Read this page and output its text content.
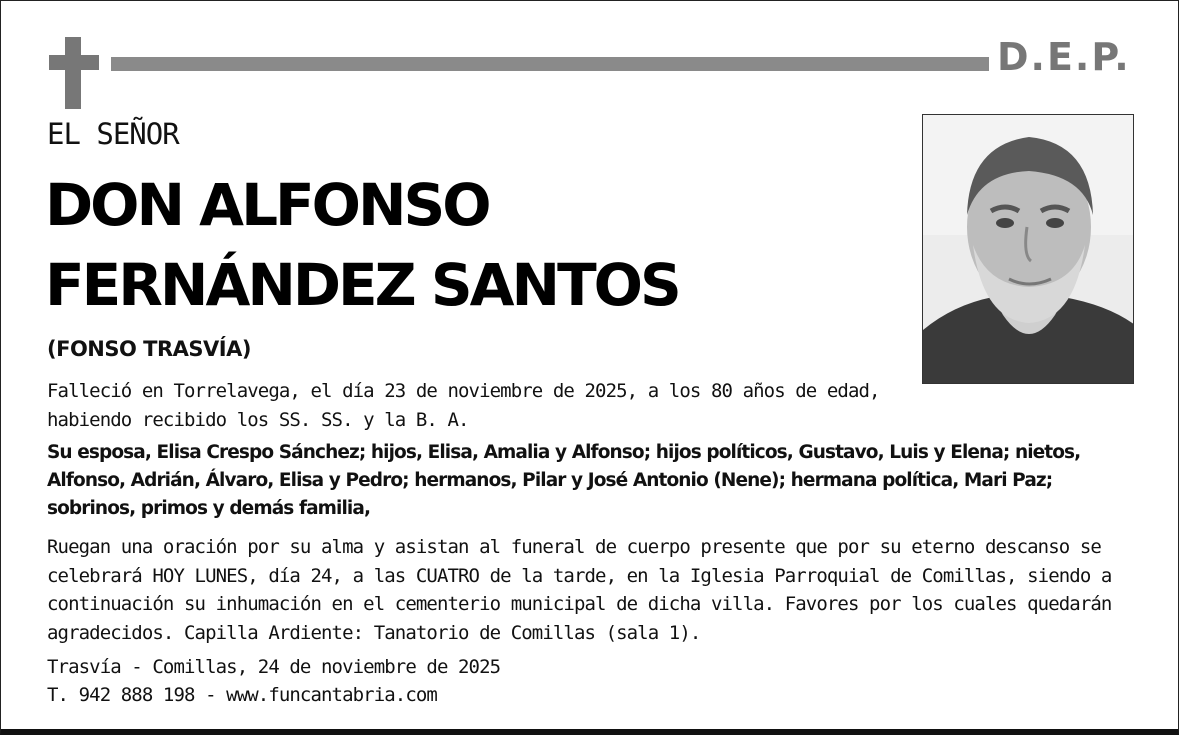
D.E.P.
EL SEÑOR
DON ALFONSO
FERNÁNDEZ SANTOS
(FONSO TRASVÍA)
Falleció en Torrelavega, el día 23 de noviembre de 2025, a los 80 años de edad,
habiendo recibido los SS. SS. y la B. A.
Su esposa, Elisa Crespo Sánchez; hijos, Elisa, Amalia y Alfonso; hijos políticos, Gustavo, Luis y Elena; nietos,
Alfonso, Adrián, Álvaro, Elisa y Pedro; hermanos, Pilar y José Antonio (Nene); hermana política, Mari Paz;
sobrinos, primos y demás familia,
Ruegan una oración por su alma y asistan al funeral de cuerpo presente que por su eterno descanso se
celebrará HOY LUNES, día 24, a las CUATRO de la tarde, en la Iglesia Parroquial de Comillas, siendo a
continuación su inhumación en el cementerio municipal de dicha villa. Favores por los cuales quedarán
agradecidos. Capilla Ardiente: Tanatorio de Comillas (sala 1).
Trasvía - Comillas, 24 de noviembre de 2025
T. 942 888 198 - www.funcantabria.com
